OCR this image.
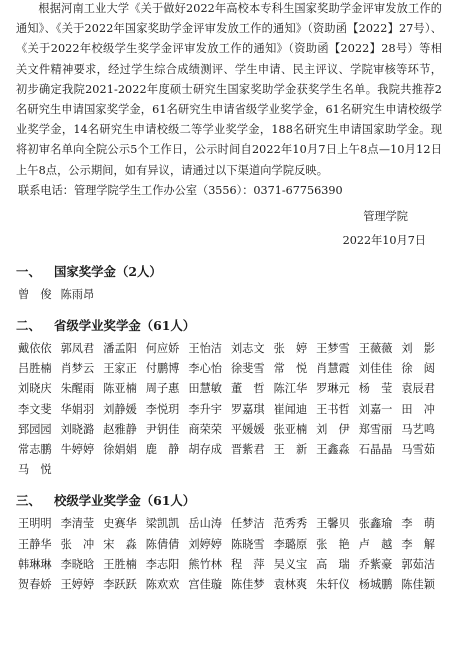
根据河南工业大学《关于做好2022年高校本专科生国家奖助学金评审发放工作的通知》、《关于2022年国家奖助学金评审发放工作的通知》（资助函【2022】27号）、《关于2022年校级学生奖学金评审发放工作的通知》（资助函【2022】28号）等相关文件精神要求，经过学生综合成绩测评、学生申请、民主评议、学院审核等环节，初步确定我院2021-2022年度硕士研究生国家奖助学金获奖学生名单。我院共推荐2名研究生申请国家奖学金，61名研究生申请省级学业奖学金，61名研究生申请校级学业奖学金，14名研究生申请校级二等学业奖学金，188名研究生申请国家助学金。现将初审名单向全院公示5个工作日，公示时间自2022年10月7日上午8点—10月12日上午8点，公示期间，如有异议，请通过以下渠道向学院反映。

联系电话：管理学院学生工作办公室（3556）：0371-67756390

管理学院

2022年10月7日

一、 国家奖学金（2人）
曾　俊 陈雨昂
二、 省级学业奖学金（61人）
戴依依 郭凤君 潘孟阳 何应娇 王怡洁 刘志文 张　婷 王梦雪 王薇薇 刘　影
吕胜楠 肖梦云 王家正 付鹏博 李心怡 徐斐雪 常　悦 肖慧霞 刘佳佳 徐　闼
刘晓庆 朱醒雨 陈亚楠 周子惠 田慧敏 董　哲 陈江华 罗琳元 杨　莹 袁辰君
李文斐 华娟羽 刘静媛 李悦玥 李升宇 罗嘉琪 崔闻迪 王书哲 刘嘉一 田　冲
郅园园 刘晓潞 赵雅静 尹钥佳 商荣荣 平媛媛 张亚楠 刘　伊 郑雪丽 马艺鸣
常志鹏 牛婷婷 徐娟娟 鹿　静 胡存成 晋紫君 王　新 王鑫淼 石晶晶 马雪茹
马　悦
三、 校级学业奖学金（61人）
王明明 李清莹 史赛华 梁凯凯 岳山涛 任梦洁 范秀秀 王馨贝 张鑫瑜 李　萌
王静华 张　冲 宋　淼 陈倩倩 刘婷婷 陈晓雪 李璐原 张　艳 卢　越 李　解
韩琳琳 李晓晗 王胜楠 李志阳 熊竹林 程　萍 吴义宝 高　瑞 乔紫豪 郭茹洁
贺春娇 王婷婷 李跃跃 陈欢欢 宫佳璇 陈佳梦 袁林爽 朱轩仪 杨城鹏 陈佳颖
